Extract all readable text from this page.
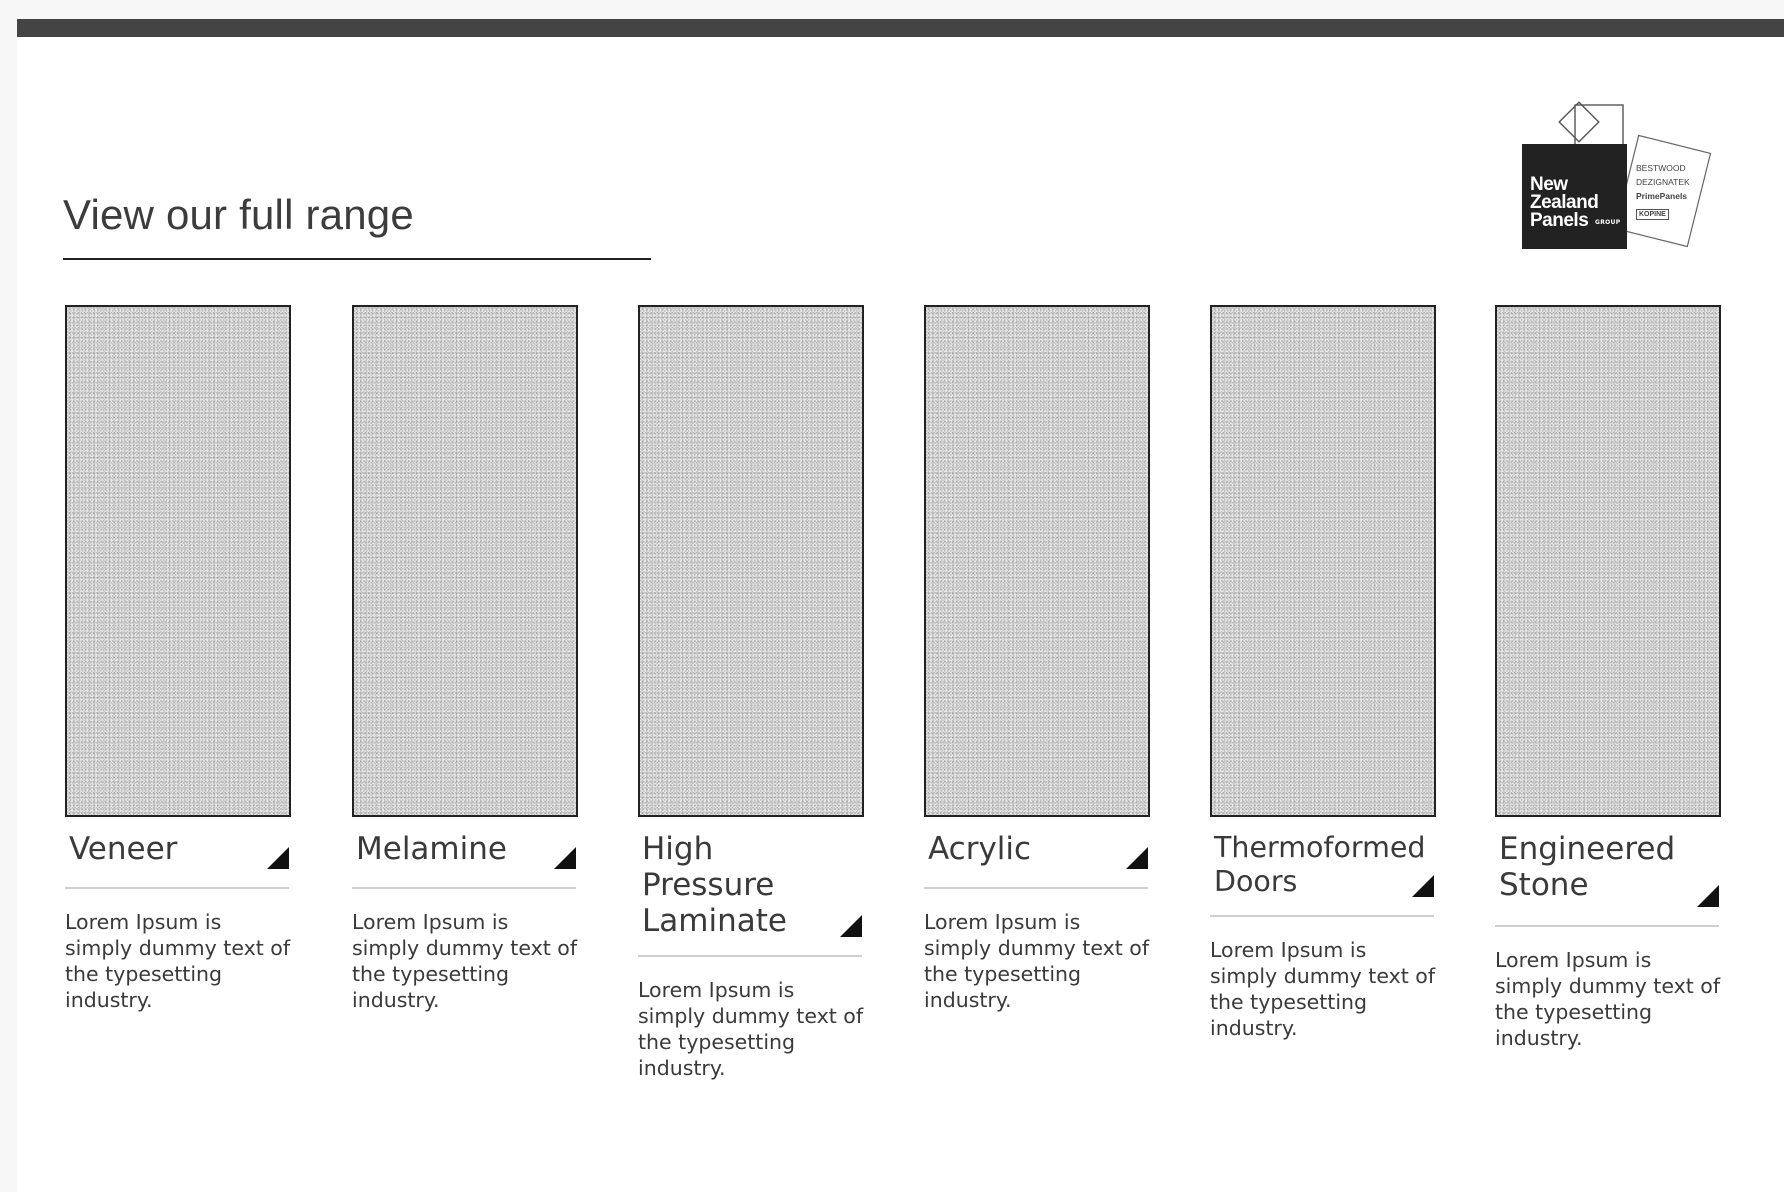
View our full range
New
Zealand
Panels GROUP
BESTWOOD
DEZIGNATEK
PrimePanels
KOPINE
Veneer
Lorem Ipsum is simply dummy text of the typesetting industry.
Melamine
Lorem Ipsum is simply dummy text of the typesetting industry.
High Pressure Laminate
Lorem Ipsum is simply dummy text of the typesetting industry.
Acrylic
Lorem Ipsum is simply dummy text of the typesetting industry.
Thermoformed Doors
Lorem Ipsum is simply dummy text of the typesetting industry.
Engineered Stone
Lorem Ipsum is simply dummy text of the typesetting industry.
